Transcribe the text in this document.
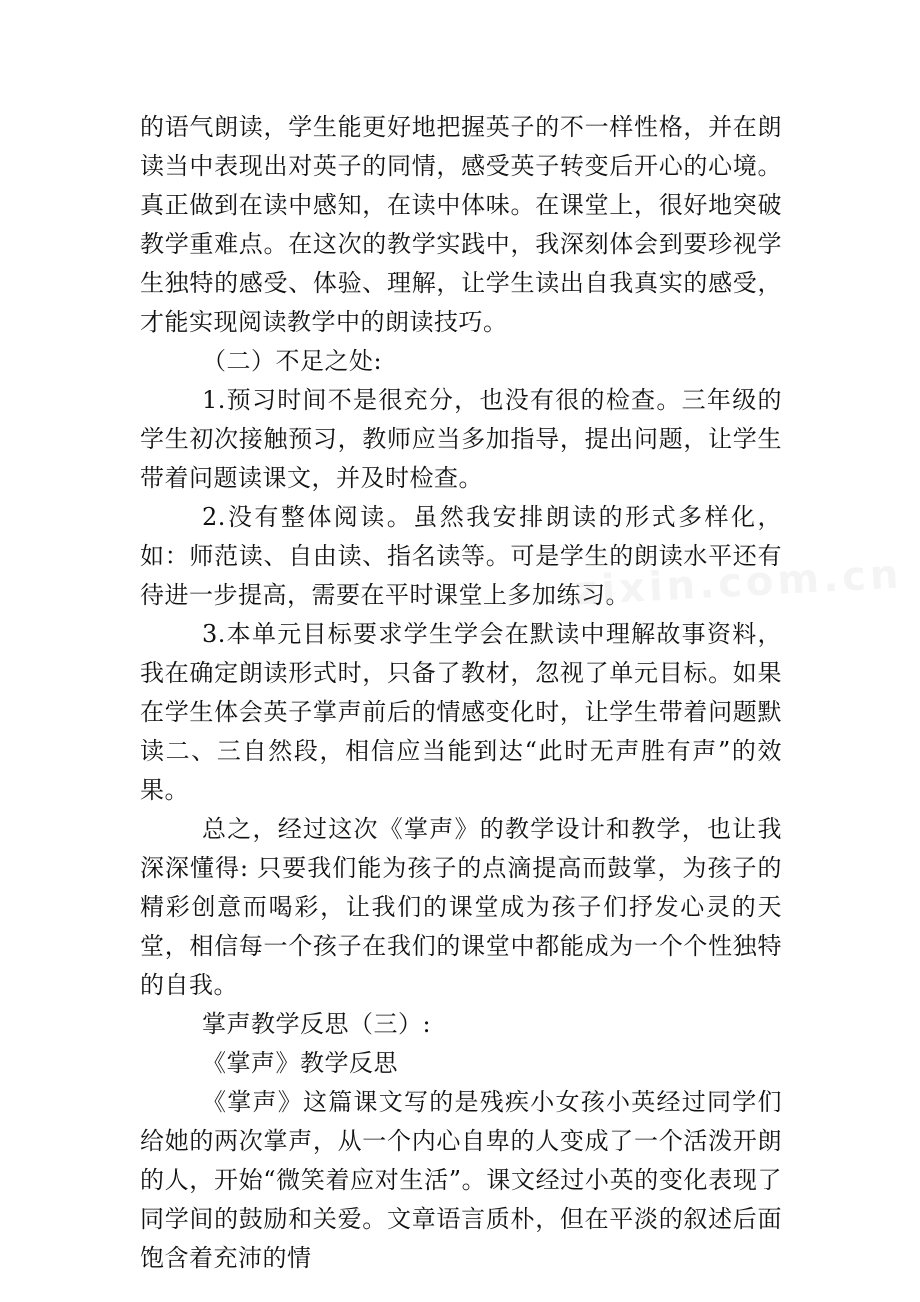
的语气朗读，学生能更好地把握英子的不一样性格，并在朗读当中表现出对英子的同情，感受英子转变后开心的心境。真正做到在读中感知，在读中体味。在课堂上，很好地突破教学重难点。在这次的教学实践中，我深刻体会到要珍视学生独特的感受、体验、理解，让学生读出自我真实的感受，才能实现阅读教学中的朗读技巧。

（二）不足之处:

1.预习时间不是很充分，也没有很的检查。三年级的学生初次接触预习，教师应当多加指导，提出问题，让学生带着问题读课文，并及时检查。

2.没有整体阅读。虽然我安排朗读的形式多样化，如：师范读、自由读、指名读等。可是学生的朗读水平还有待进一步提高，需要在平时课堂上多加练习。

3.本单元目标要求学生学会在默读中理解故事资料，我在确定朗读形式时，只备了教材，忽视了单元目标。如果在学生体会英子掌声前后的情感变化时，让学生带着问题默读二、三自然段，相信应当能到达“此时无声胜有声”的效果。

总之，经过这次《掌声》的教学设计和教学，也让我深深懂得: 只要我们能为孩子的点滴提高而鼓掌，为孩子的精彩创意而喝彩，让我们的课堂成为孩子们抒发心灵的天堂，相信每一个孩子在我们的课堂中都能成为一个个性独特的自我。

掌声教学反思（三）:

《掌声》教学反思

《掌声》这篇课文写的是残疾小女孩小英经过同学们给她的两次掌声，从一个内心自卑的人变成了一个活泼开朗的人，开始“微笑着应对生活”。课文经过小英的变化表现了同学间的鼓励和关爱。文章语言质朴，但在平淡的叙述后面饱含着充沛的情

zixin.com.cn
